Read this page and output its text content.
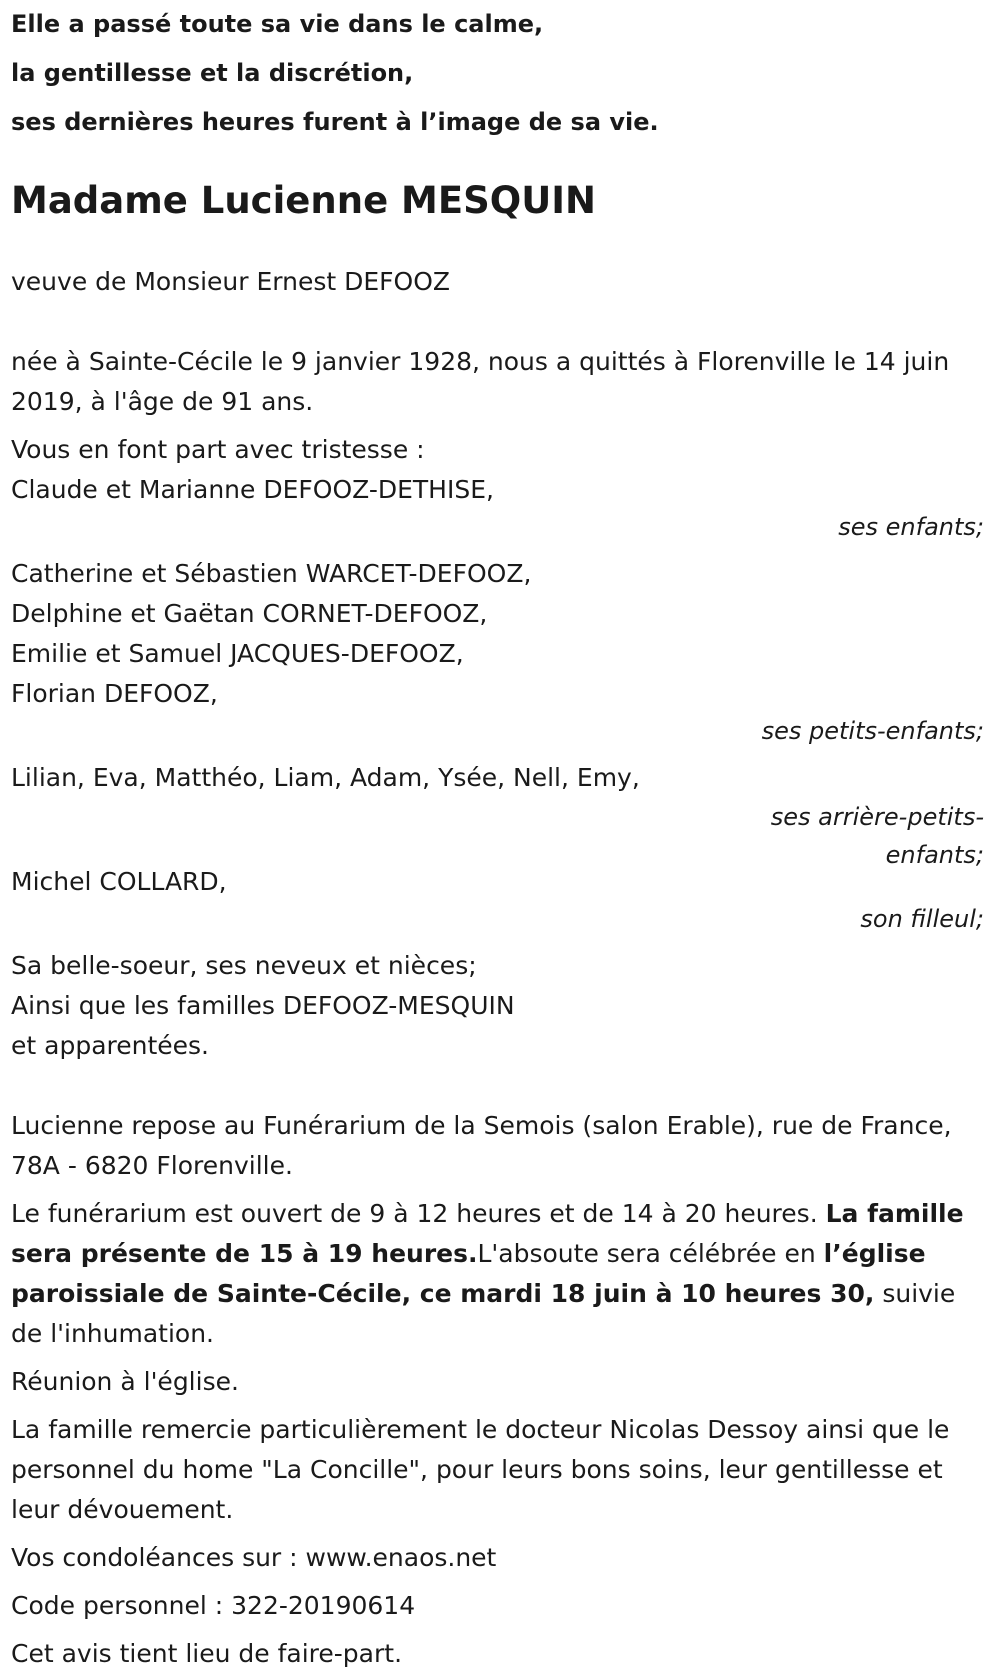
Elle a passé toute sa vie dans le calme,

la gentillesse et la discrétion,

ses dernières heures furent à l’image de sa vie.

Madame Lucienne MESQUIN

veuve de Monsieur Ernest DEFOOZ

née à Sainte-Cécile le 9 janvier 1928, nous a quittés à Florenville le 14 juin 2019, à l'âge de 91 ans.

Vous en font part avec tristesse :

Claude et Marianne DEFOOZ-DETHISE,

ses enfants;

Catherine et Sébastien WARCET-DEFOOZ,

Delphine et Gaëtan CORNET-DEFOOZ,

Emilie et Samuel JACQUES-DEFOOZ,

Florian DEFOOZ,

ses petits-enfants;

Lilian, Eva, Matthéo, Liam, Adam, Ysée, Nell, Emy,

ses arrière-petits-enfants;

Michel COLLARD,

son filleul;

Sa belle-soeur, ses neveux et nièces;

Ainsi que les familles DEFOOZ-MESQUIN

et apparentées.

Lucienne repose au Funérarium de la Semois (salon Erable), rue de France, 78A - 6820 Florenville.

Le funérarium est ouvert de 9 à 12 heures et de 14 à 20 heures. La famille sera présente de 15 à 19 heures.L'absoute sera célébrée en l’église paroissiale de Sainte-Cécile, ce mardi 18 juin à 10 heures 30, suivie de l'inhumation.

Réunion à l'église.

La famille remercie particulièrement le docteur Nicolas Dessoy ainsi que le personnel du home "La Concille", pour leurs bons soins, leur gentillesse et leur dévouement.

Vos condoléances sur : www.enaos.net

Code personnel : 322-20190614

Cet avis tient lieu de faire-part.
